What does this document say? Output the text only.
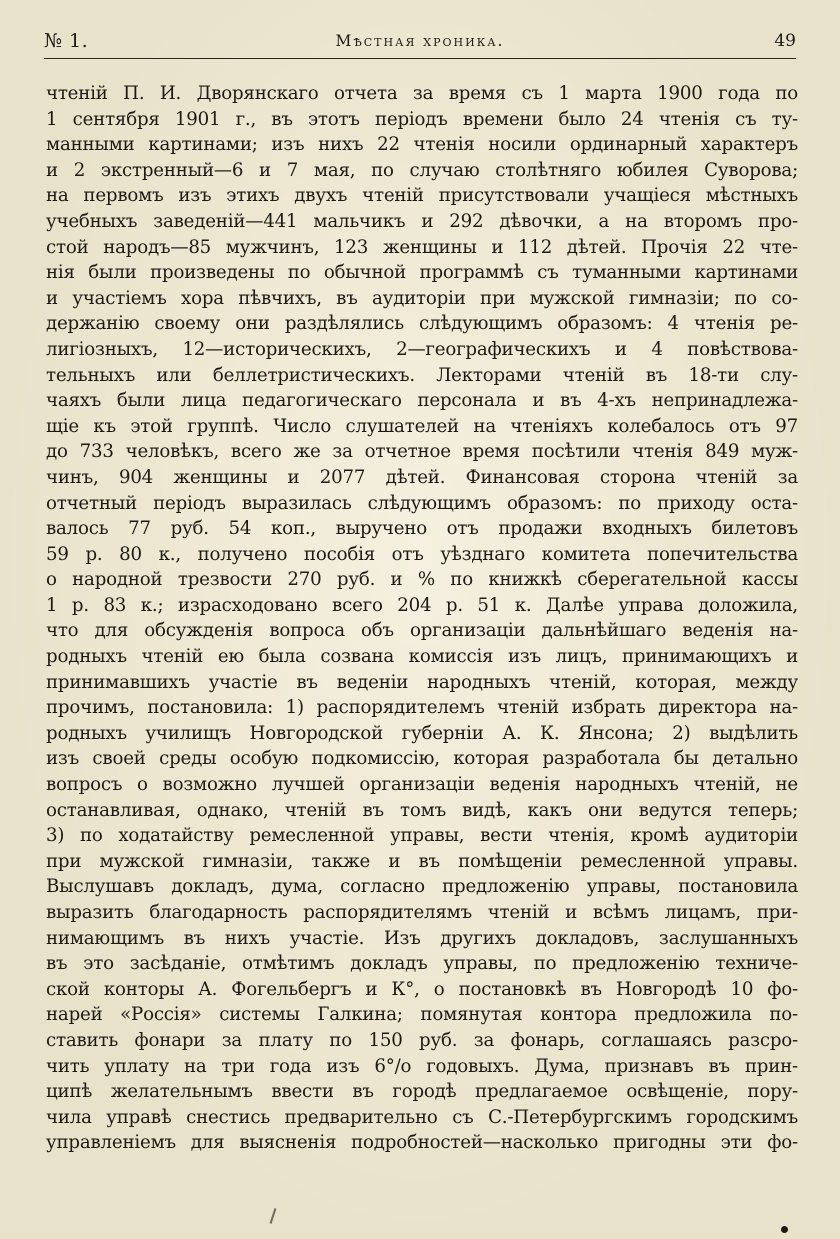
№ 1.	Мѣстная хроника.	49
чтеній П. И. Дворянскаго отчета за время съ 1 марта 1900 года по
1 сентября 1901 г., въ этотъ періодъ времени было 24 чтенія съ ту-
манными картинами; изъ нихъ 22 чтенія носили ординарный характеръ
и 2 экстренный—6 и 7 мая, по случаю столѣтняго юбилея Суворова;
на первомъ изъ этихъ двухъ чтеній присутствовали учащіеся мѣстныхъ
учебныхъ заведеній—441 мальчикъ и 292 дѣвочки, а на второмъ про-
стой народъ—85 мужчинъ, 123 женщины и 112 дѣтей. Прочія 22 чте-
нія были произведены по обычной программѣ съ туманными картинами
и участіемъ хора пѣвчихъ, въ аудиторіи при мужской гимназіи; по со-
держанію своему они раздѣлялись слѣдующимъ образомъ: 4 чтенія ре-
лигіозныхъ, 12—историческихъ, 2—географическихъ и 4 повѣствова-
тельныхъ или беллетристическихъ. Лекторами чтеній въ 18-ти слу-
чаяхъ были лица педагогическаго персонала и въ 4-хъ непринадлежа-
щіе къ этой группѣ. Число слушателей на чтеніяхъ колебалось отъ 97
до 733 человѣкъ, всего же за отчетное время посѣтили чтенія 849 муж-
чинъ, 904 женщины и 2077 дѣтей. Финансовая сторона чтеній за
отчетный періодъ выразилась слѣдующимъ образомъ: по приходу оста-
валось 77 руб. 54 коп., выручено отъ продажи входныхъ билетовъ
59 р. 80 к., получено пособія отъ уѣзднаго комитета попечительства
о народной трезвости 270 руб. и % по книжкѣ сберегательной кассы
1 р. 83 к.; израсходовано всего 204 р. 51 к. Далѣе управа доложила,
что для обсужденія вопроса объ организаціи дальнѣйшаго веденія на-
родныхъ чтеній ею была созвана комиссія изъ лицъ, принимающихъ и
принимавшихъ участіе въ веденіи народныхъ чтеній, которая, между
прочимъ, постановила: 1) распорядителемъ чтеній избрать директора на-
родныхъ училищъ Новгородской губерніи А. К. Янсона; 2) выдѣлить
изъ своей среды особую подкомиссію, которая разработала бы детально
вопросъ о возможно лучшей организаціи веденія народныхъ чтеній, не
останавливая, однако, чтеній въ томъ видѣ, какъ они ведутся теперь;
3) по ходатайству ремесленной управы, вести чтенія, кромѣ аудиторіи
при мужской гимназіи, также и въ помѣщеніи ремесленной управы.
Выслушавъ докладъ, дума, согласно предложенію управы, постановила
выразить благодарность распорядителямъ чтеній и всѣмъ лицамъ, при-
нимающимъ въ нихъ участіе. Изъ другихъ докладовъ, заслушанныхъ
въ это засѣданіе, отмѣтимъ докладъ управы, по предложенію техниче-
ской конторы А. Фогельбергъ и К°, о постановкѣ въ Новгородѣ 10 фо-
нарей «Россія» системы Галкина; помянутая контора предложила по-
ставить фонари за плату по 150 руб. за фонарь, соглашаясь разсро-
чить уплату на три года изъ 6°/о годовыхъ. Дума, признавъ въ прин-
ципѣ желательнымъ ввести въ городѣ предлагаемое освѣщеніе, пору-
чила управѣ снестись предварительно съ С.-Петербургскимъ городскимъ
управленіемъ для выясненія подробностей—насколько пригодны эти фо-
